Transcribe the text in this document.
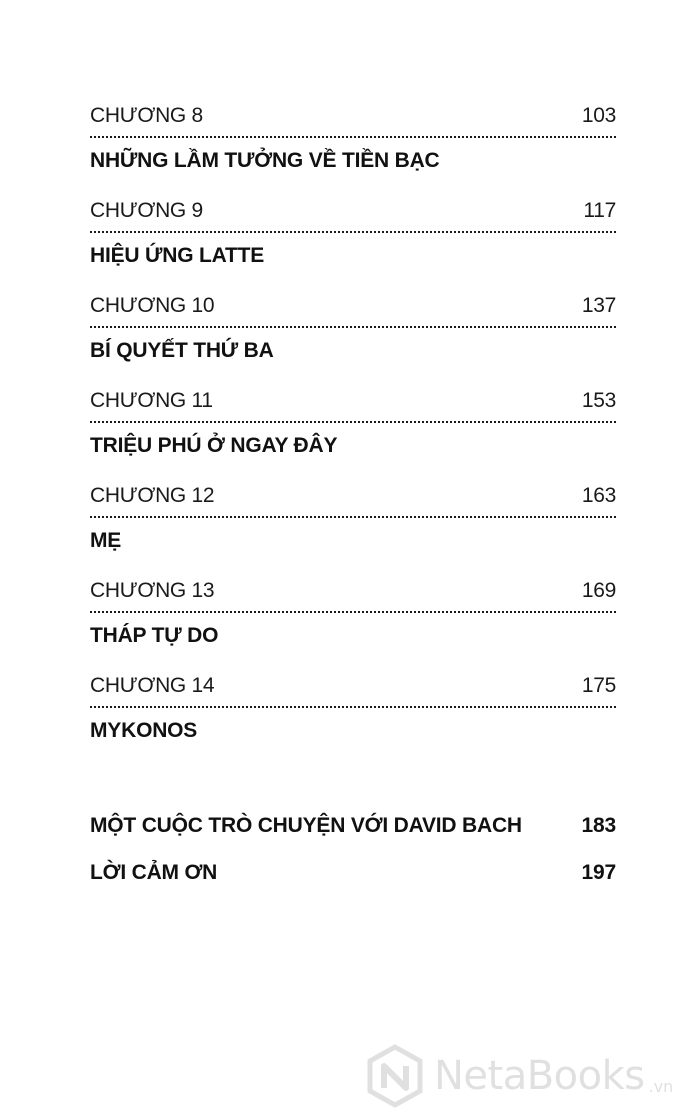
CHƯƠNG 8	103
NHỮNG LẦM TƯỞNG VỀ TIỀN BẠC
CHƯƠNG 9	117
HIỆU ỨNG LATTE
CHƯƠNG 10	137
BÍ QUYẾT THỨ BA
CHƯƠNG 11	153
TRIỆU PHÚ Ở NGAY ĐÂY
CHƯƠNG 12	163
MẸ
CHƯƠNG 13	169
THÁP TỰ DO
CHƯƠNG 14	175
MYKONOS
MỘT CUỘC TRÒ CHUYỆN VỚI DAVID BACH	183
LỜI CẢM ƠN	197
NetaBooks .vn
